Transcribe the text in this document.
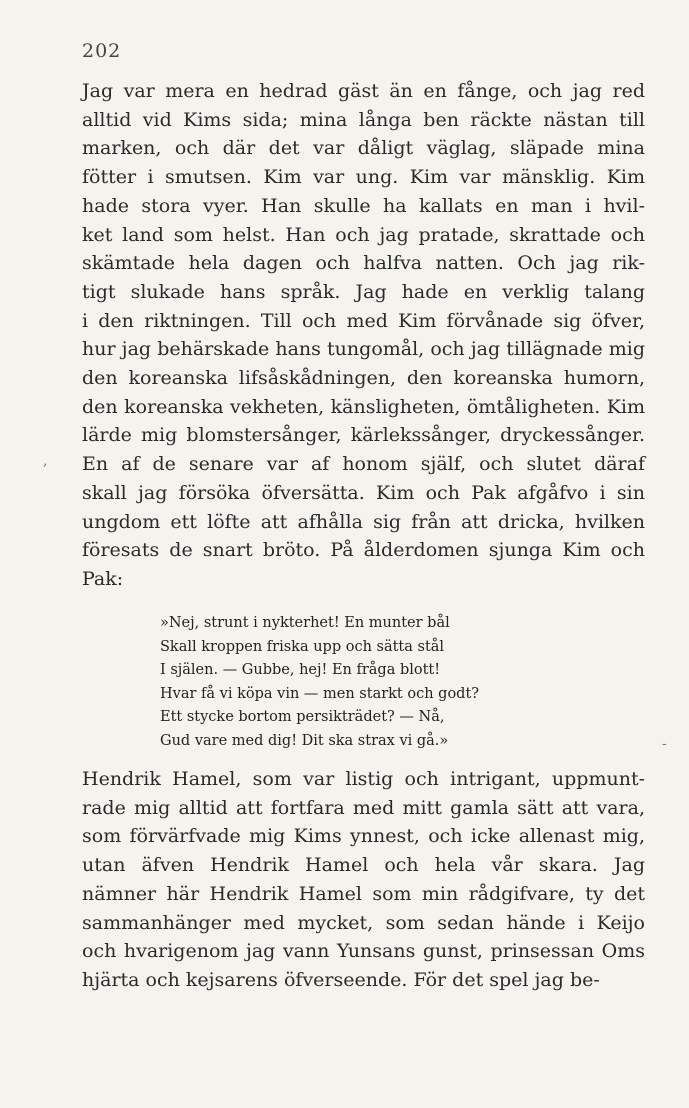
202
Jag var mera en hedrad gäst än en fånge, och jag red
alltid vid Kims sida; mina långa ben räckte nästan till
marken, och där det var dåligt väglag, släpade mina
fötter i smutsen. Kim var ung. Kim var mänsklig. Kim
hade stora vyer. Han skulle ha kallats en man i hvil-
ket land som helst. Han och jag pratade, skrattade och
skämtade hela dagen och halfva natten. Och jag rik-
tigt slukade hans språk. Jag hade en verklig talang
i den riktningen. Till och med Kim förvånade sig öfver,
hur jag behärskade hans tungomål, och jag tillägnade mig
den koreanska lifsåskådningen, den koreanska humorn,
den koreanska vekheten, känsligheten, ömtåligheten. Kim
lärde mig blomstersånger, kärlekssånger, dryckessånger.
En af de senare var af honom själf, och slutet däraf
skall jag försöka öfversätta. Kim och Pak afgåfvo i sin
ungdom ett löfte att afhålla sig från att dricka, hvilken
föresats de snart bröto. På ålderdomen sjunga Kim och
Pak:
»Nej, strunt i nykterhet! En munter bål
Skall kroppen friska upp och sätta stål
I själen. — Gubbe, hej! En fråga blott!
Hvar få vi köpa vin — men starkt och godt?
Ett stycke bortom persikträdet? — Nå,
Gud vare med dig! Dit ska strax vi gå.»
Hendrik Hamel, som var listig och intrigant, uppmunt-
rade mig alltid att fortfara med mitt gamla sätt att vara,
som förvärfvade mig Kims ynnest, och icke allenast mig,
utan äfven Hendrik Hamel och hela vår skara. Jag
nämner här Hendrik Hamel som min rådgifvare, ty det
sammanhänger med mycket, som sedan hände i Keijo
och hvarigenom jag vann Yunsans gunst, prinsessan Oms
hjärta och kejsarens öfverseende. För det spel jag be-
,
-
